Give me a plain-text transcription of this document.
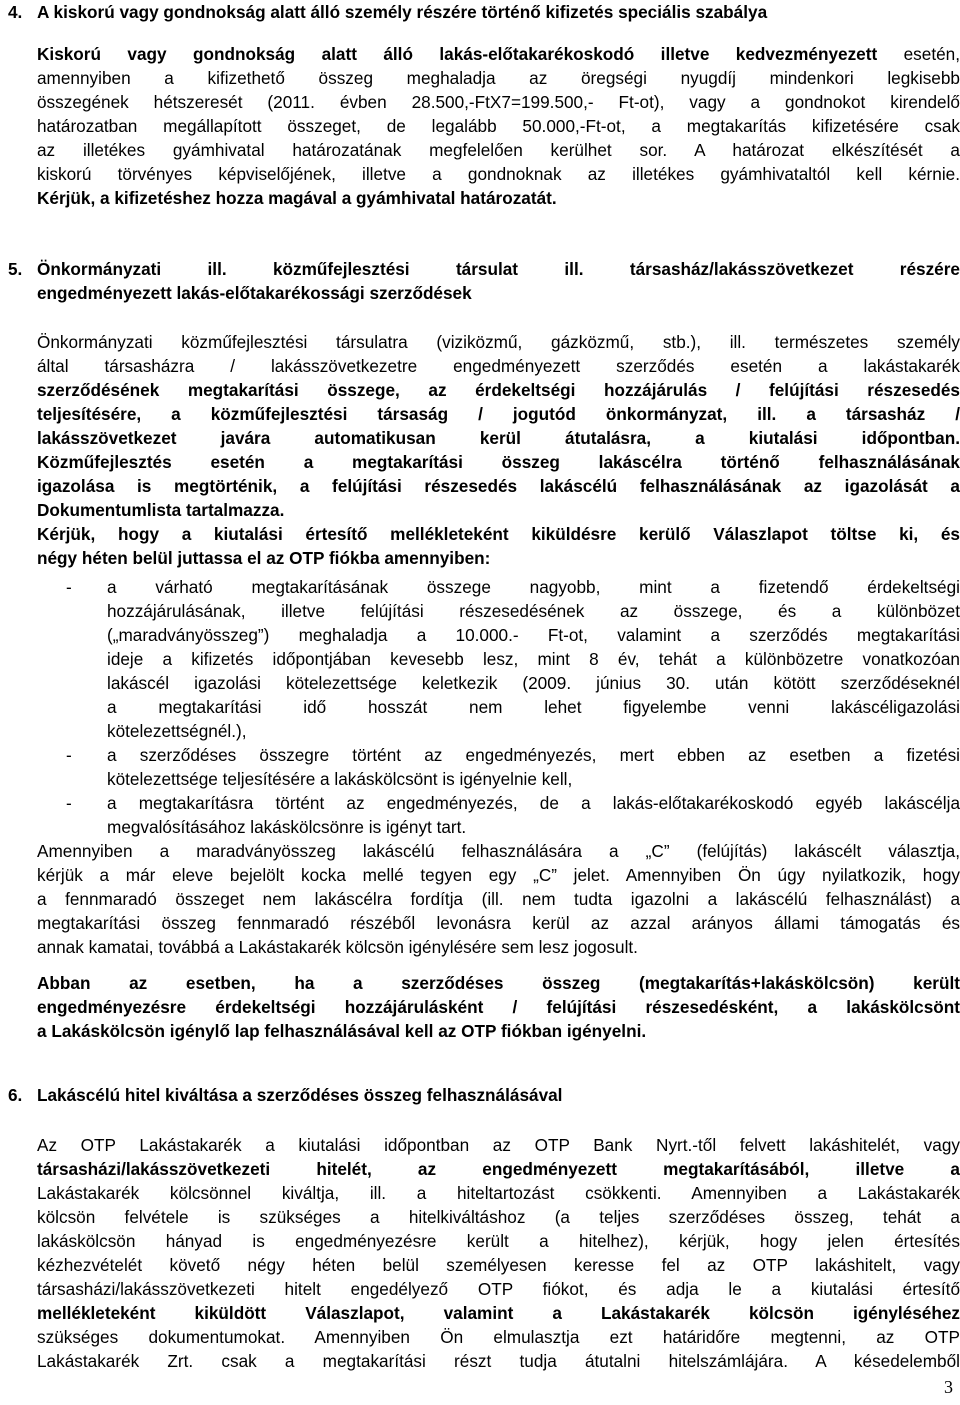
4. A kiskorú vagy gondnokság alatt álló személy részére történő kifizetés speciális szabálya
Kiskorú vagy gondnokság alatt álló lakás-előtakarékoskodó illetve kedvezményezett esetén,
amennyiben a kifizethető összeg meghaladja az öregségi nyugdíj mindenkori legkisebb
összegének hétszeresét (2011. évben 28.500,-FtX7=199.500,- Ft-ot), vagy a gondnokot kirendelő
határozatban megállapított összeget, de legalább 50.000,-Ft-ot, a megtakarítás kifizetésére csak
az illetékes gyámhivatal határozatának megfelelően kerülhet sor. A határozat elkészítését a
kiskorú törvényes képviselőjének, illetve a gondnoknak az illetékes gyámhivataltól kell kérnie.
Kérjük, a kifizetéshez hozza magával a gyámhivatal határozatát.
5. Önkormányzati ill. közműfejlesztési társulat ill. társasház/lakásszövetkezet részére
engedményezett lakás-előtakarékossági szerződések
Önkormányzati közműfejlesztési társulatra (viziközmű, gázközmű, stb.), ill. természetes személy
által társasházra / lakásszövetkezetre engedményezett szerződés esetén a lakástakarék
szerződésének megtakarítási összege, az érdekeltségi hozzájárulás / felújítási részesedés
teljesítésére, a közműfejlesztési társaság / jogutód önkormányzat, ill. a társasház /
lakásszövetkezet javára automatikusan kerül átutalásra, a kiutalási időpontban.
Közműfejlesztés esetén a megtakarítási összeg lakáscélra történő felhasználásának
igazolása is megtörténik, a felújítási részesedés lakáscélú felhasználásának az igazolását a
Dokumentumlista tartalmazza.
Kérjük, hogy a kiutalási értesítő mellékleteként kiküldésre kerülő Válaszlapot töltse ki, és
négy héten belül juttassa el az OTP fiókba amennyiben:
- a várható megtakarításának összege nagyobb, mint a fizetendő érdekeltségi
hozzájárulásának, illetve felújítási részesedésének az összege, és a különbözet
(„maradványösszeg”) meghaladja a 10.000.- Ft-ot, valamint a szerződés megtakarítási
ideje a kifizetés időpontjában kevesebb lesz, mint 8 év, tehát a különbözetre vonatkozóan
lakáscél igazolási kötelezettsége keletkezik (2009. június 30. után kötött szerződéseknél
a megtakarítási idő hosszát nem lehet figyelembe venni lakáscéligazolási
kötelezettségnél.),
- a szerződéses összegre történt az engedményezés, mert ebben az esetben a fizetési
kötelezettsége teljesítésére a lakáskölcsönt is igényelnie kell,
- a megtakarításra történt az engedményezés, de a lakás-előtakarékoskodó egyéb lakáscélja
megvalósításához lakáskölcsönre is igényt tart.
Amennyiben a maradványösszeg lakáscélú felhasználására a „C” (felújítás) lakáscélt választja,
kérjük a már eleve bejelölt kocka mellé tegyen egy „C” jelet. Amennyiben Ön úgy nyilatkozik, hogy
a fennmaradó összeget nem lakáscélra fordítja (ill. nem tudta igazolni a lakáscélú felhasználást) a
megtakarítási összeg fennmaradó részéből levonásra kerül az azzal arányos állami támogatás és
annak kamatai, továbbá a Lakástakarék kölcsön igénylésére sem lesz jogosult.
Abban az esetben, ha a szerződéses összeg (megtakarítás+lakáskölcsön) került
engedményezésre érdekeltségi hozzájárulásként / felújítási részesedésként, a lakáskölcsönt
a Lakáskölcsön igénylő lap felhasználásával kell az OTP fiókban igényelni.
6. Lakáscélú hitel kiváltása a szerződéses összeg felhasználásával
Az OTP Lakástakarék a kiutalási időpontban az OTP Bank Nyrt.-től felvett lakáshitelét, vagy
társasházi/lakásszövetkezeti hitelét, az engedményezett megtakarításából, illetve a
Lakástakarék kölcsönnel kiváltja, ill. a hiteltartozást csökkenti. Amennyiben a Lakástakarék
kölcsön felvétele is szükséges a hitelkiváltáshoz (a teljes szerződéses összeg, tehát a
lakáskölcsön hányad is engedményezésre került a hitelhez), kérjük, hogy jelen értesítés
kézhezvételét követő négy héten belül személyesen keresse fel az OTP lakáshitelt, vagy
társasházi/lakásszövetkezeti hitelt engedélyező OTP fiókot, és adja le a kiutalási értesítő
mellékleteként kiküldött Válaszlapot, valamint a Lakástakarék kölcsön igényléséhez
szükséges dokumentumokat. Amennyiben Ön elmulasztja ezt határidőre megtenni, az OTP
Lakástakarék Zrt. csak a megtakarítási részt tudja átutalni hitelszámlájára. A késedelemből
3
